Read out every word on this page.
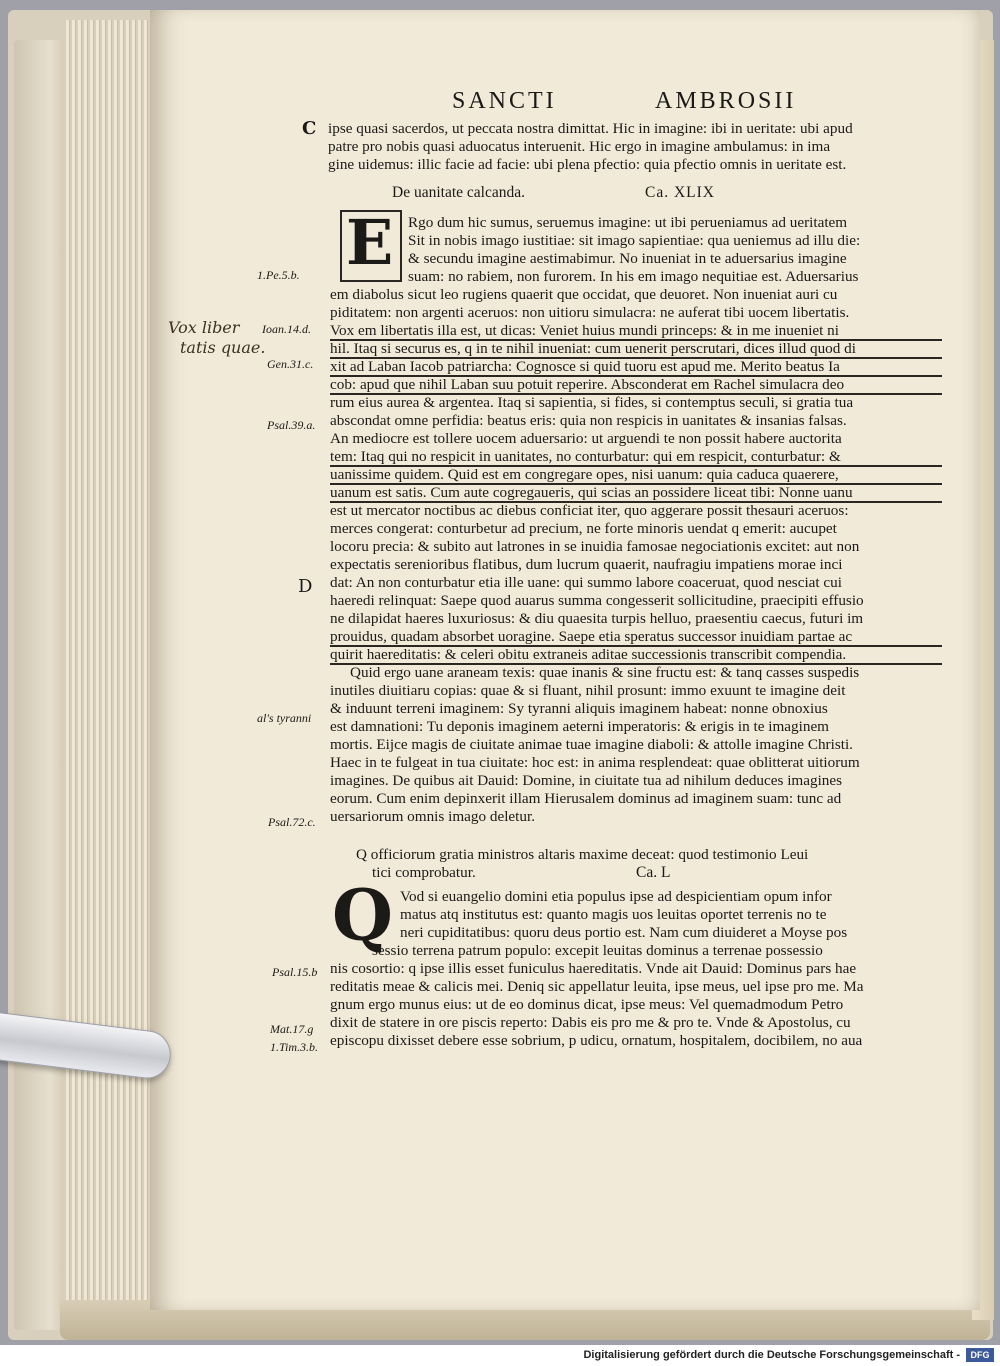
SANCTI	AMBROSII
C
D
De uanitate calcanda.	Ca. XLIX
E
Q officiorum gratia ministros altaris maxime deceat: quod testimonio Leui
tici comprobatur.	Ca. L
Q
Vox liber
tatis quae.
1.Pe.5.b.
Ioan.14.d.
Gen.31.c.
Psal.39.a.
al's tyranni
Psal.72.c.
Psal.15.b
Mat.17.g
1.Tim.3.b.
ipse quasi sacerdos, ut peccata nostra dimittat. Hic in imagine: ibi in ueritate: ubi apud
patre pro nobis quasi aduocatus interuenit. Hic ergo in imagine ambulamus: in ima
gine uidemus: illic facie ad facie: ubi plena pfectio: quia pfectio omnis in ueritate est.
Rgo dum hic sumus, seruemus imagine: ut ibi perueniamus ad ueritatem
Sit in nobis imago iustitiae: sit imago sapientiae: qua ueniemus ad illu die:
& secundu imagine aestimabimur. No inueniat in te aduersarius imagine
suam: no rabiem, non furorem. In his em imago nequitiae est. Aduersarius
em diabolus sicut leo rugiens quaerit que occidat, que deuoret. Non inueniat auri cu
piditatem: non argenti aceruos: non uitioru simulacra: ne auferat tibi uocem libertatis.
Vox em libertatis illa est, ut dicas: Veniet huius mundi princeps: & in me inueniet ni
hil. Itaq si securus es, q in te nihil inueniat: cum uenerit perscrutari, dices illud quod di
xit ad Laban Iacob patriarcha: Cognosce si quid tuoru est apud me. Merito beatus Ia
cob: apud que nihil Laban suu potuit reperire. Absconderat em Rachel simulacra deo
rum eius aurea & argentea. Itaq si sapientia, si fides, si contemptus seculi, si gratia tua
abscondat omne perfidia: beatus eris: quia non respicis in uanitates & insanias falsas.
An mediocre est tollere uocem aduersario: ut arguendi te non possit habere auctorita
tem: Itaq qui no respicit in uanitates, no conturbatur: qui em respicit, conturbatur: &
uanissime quidem. Quid est em congregare opes, nisi uanum: quia caduca quaerere,
uanum est satis. Cum aute cogregaueris, qui scias an possidere liceat tibi: Nonne uanu
est ut mercator noctibus ac diebus conficiat iter, quo aggerare possit thesauri aceruos:
merces congerat: conturbetur ad precium, ne forte minoris uendat q emerit: aucupet
locoru precia: & subito aut latrones in se inuidia famosae negociationis excitet: aut non
expectatis serenioribus flatibus, dum lucrum quaerit, naufragiu impatiens morae inci
dat: An non conturbatur etia ille uane: qui summo labore coaceruat, quod nesciat cui
haeredi relinquat: Saepe quod auarus summa congesserit sollicitudine, praecipiti effusio
ne dilapidat haeres luxuriosus: & diu quaesita turpis helluo, praesentiu caecus, futuri im
prouidus, quadam absorbet uoragine. Saepe etia speratus successor inuidiam partae ac
quirit haereditatis: & celeri obitu extraneis aditae successionis transcribit compendia.
Quid ergo uane araneam texis: quae inanis & sine fructu est: & tanq casses suspedis
inutiles diuitiaru copias: quae & si fluant, nihil prosunt: immo exuunt te imagine deit
& induunt terreni imaginem: Sy tyranni aliquis imaginem habeat: nonne obnoxius
est damnationi: Tu deponis imaginem aeterni imperatoris: & erigis in te imaginem
mortis. Eijce magis de ciuitate animae tuae imagine diaboli: & attolle imagine Christi.
Haec in te fulgeat in tua ciuitate: hoc est: in anima resplendeat: quae oblitterat uitiorum
imagines. De quibus ait Dauid: Domine, in ciuitate tua ad nihilum deduces imagines
eorum. Cum enim depinxerit illam Hierusalem dominus ad imaginem suam: tunc ad
uersariorum omnis imago deletur.
Vod si euangelio domini etia populus ipse ad despicientiam opum infor
matus atq institutus est: quanto magis uos leuitas oportet terrenis no te
neri cupiditatibus: quoru deus portio est. Nam cum diuideret a Moyse pos
sessio terrena patrum populo: excepit leuitas dominus a terrenae possessio
nis cosortio: q ipse illis esset funiculus haereditatis. Vnde ait Dauid: Dominus pars hae
reditatis meae & calicis mei. Deniq sic appellatur leuita, ipse meus, uel ipse pro me. Ma
gnum ergo munus eius: ut de eo dominus dicat, ipse meus: Vel quemadmodum Petro
dixit de statere in ore piscis reperto: Dabis eis pro me & pro te. Vnde & Apostolus, cu
episcopu dixisset debere esse sobrium, p udicu, ornatum, hospitalem, docibilem, no aua
Digitalisierung gefördert durch die Deutsche Forschungsgemeinschaft -	DFG
